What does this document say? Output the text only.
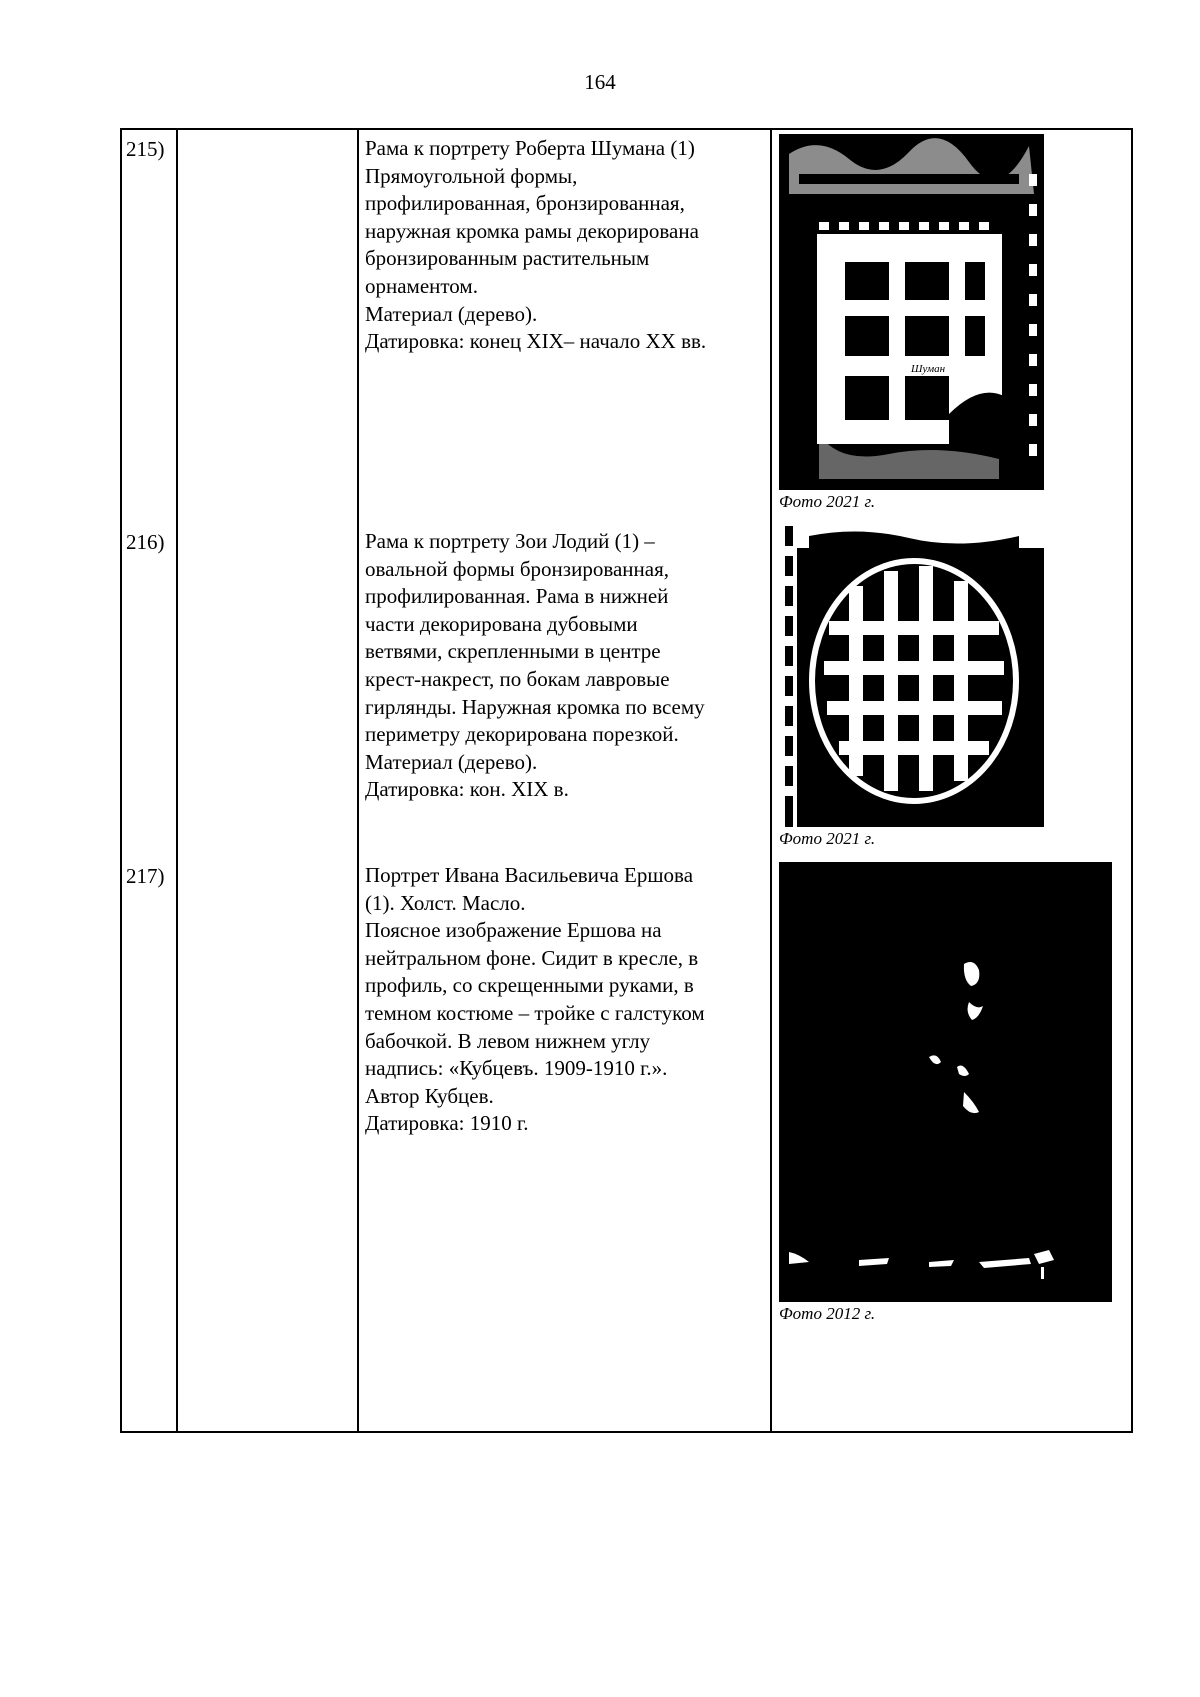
164
215)	Рама к портрету Роберта Шумана (1)

Прямоугольной формы,

профилированная, бронзированная,

наружная кромка рамы декорирована

бронзированным растительным

орнаментом.

Материал (дерево).

Датировка: конец XIX– начало XX вв.

Шуман
Фото 2021 г.
216)	Рама к портрету Зои Лодий (1) –

овальной формы бронзированная,

профилированная. Рама в нижней

части декорирована дубовыми

ветвями, скрепленными в центре

крест-накрест, по бокам лавровые

гирлянды. Наружная кромка по всему

периметру декорирована порезкой.

Материал (дерево).

Датировка: кон. XIX в.

Фото 2021 г.
217)	Портрет Ивана Васильевича Ершова

(1). Холст. Масло.

Поясное изображение Ершова на

нейтральном фоне. Сидит в кресле, в

профиль, со скрещенными руками, в

темном костюме – тройке с галстуком

бабочкой. В левом нижнем углу

надпись: «Кубцевъ. 1909-1910 г.».

Автор Кубцев.

Датировка: 1910 г.

Фото 2012 г.
